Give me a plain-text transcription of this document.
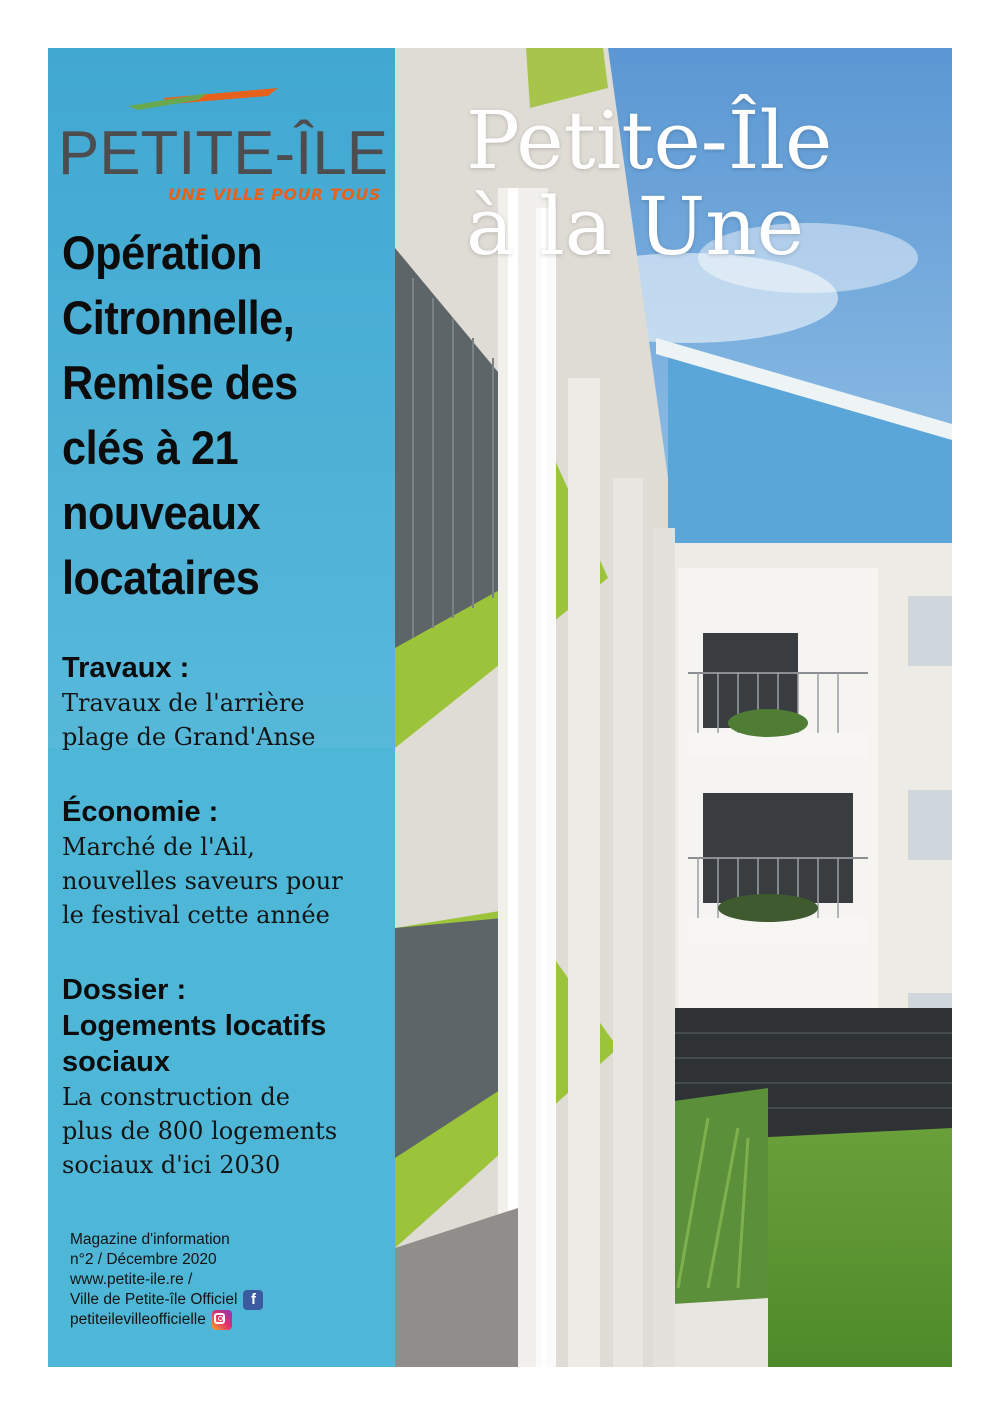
PETITE-ÎLE
UNE VILLE POUR TOUS
Petite-Île
à la Une
Opération
Citronnelle,
Remise des
clés à 21
nouveaux
locataires
Travaux :
Travaux de l'arrière
plage de Grand'Anse
Économie :
Marché de l'Ail,
nouvelles saveurs pour
le festival cette année
Dossier :
Logements locatifs
sociaux
La construction de
plus de 800 logements
sociaux d'ici 2030
Magazine d'information
n°2 / Décembre 2020
www.petite-ile.re /
Ville de Petite-île Officiel f
petiteilevilleofficielle
